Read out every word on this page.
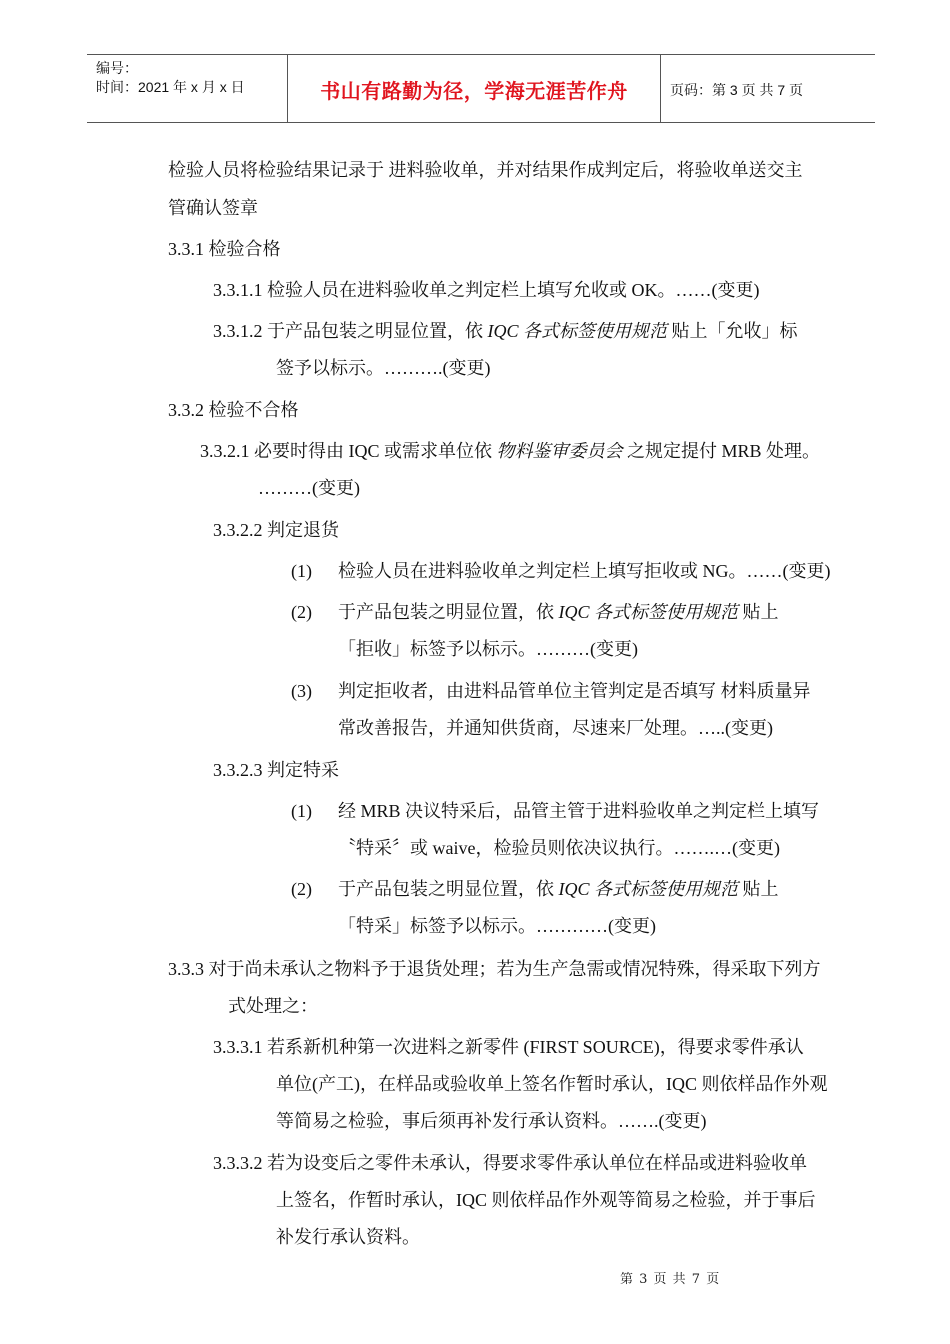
编号：
时间：2021 年 x 月 x 日	书山有路勤为径，学海无涯苦作舟	页码：第 3 页 共 7 页
检验人员将检验结果记录于 进料验收单，并对结果作成判定后，将验收单送交主
管确认签章
3.3.1 检验合格
3.3.1.1 检验人员在进料验收单之判定栏上填写允收或 OK。……(变更)
3.3.1.2 于产品包装之明显位置，依 IQC 各式标签使用规范 贴上「允收」标
签予以标示。……….(变更)
3.3.2 检验不合格
3.3.2.1 必要时得由 IQC 或需求单位依 物料鉴审委员会 之规定提付 MRB 处理。
………(变更)
3.3.2.2 判定退货
(1) 检验人员在进料验收单之判定栏上填写拒收或 NG。……(变更)
(2) 于产品包装之明显位置，依 IQC 各式标签使用规范 贴上
「拒收」标签予以标示。………(变更)
(3) 判定拒收者，由进料品管单位主管判定是否填写 材料质量异
常改善报告，并通知供货商，尽速来厂处理。…..(变更)
3.3.2.3 判定特采
(1) 经 MRB 决议特采后，品管主管于进料验收单之判定栏上填写
〝特采〞或 waive，检验员则依决议执行。…….…(变更)
(2) 于产品包装之明显位置，依 IQC 各式标签使用规范 贴上
「特采」标签予以标示。…………(变更)
3.3.3 对于尚未承认之物料予于退货处理；若为生产急需或情况特殊，得采取下列方
式处理之：
3.3.3.1 若系新机种第一次进料之新零件 (FIRST SOURCE)，得要求零件承认
单位(产工)，在样品或验收单上签名作暂时承认，IQC 则依样品作外观
等简易之检验，事后须再补发行承认资料。…….(变更)
3.3.3.2 若为设变后之零件未承认，得要求零件承认单位在样品或进料验收单
上签名，作暂时承认，IQC 则依样品作外观等简易之检验，并于事后
补发行承认资料。
第 3 页 共 7 页
